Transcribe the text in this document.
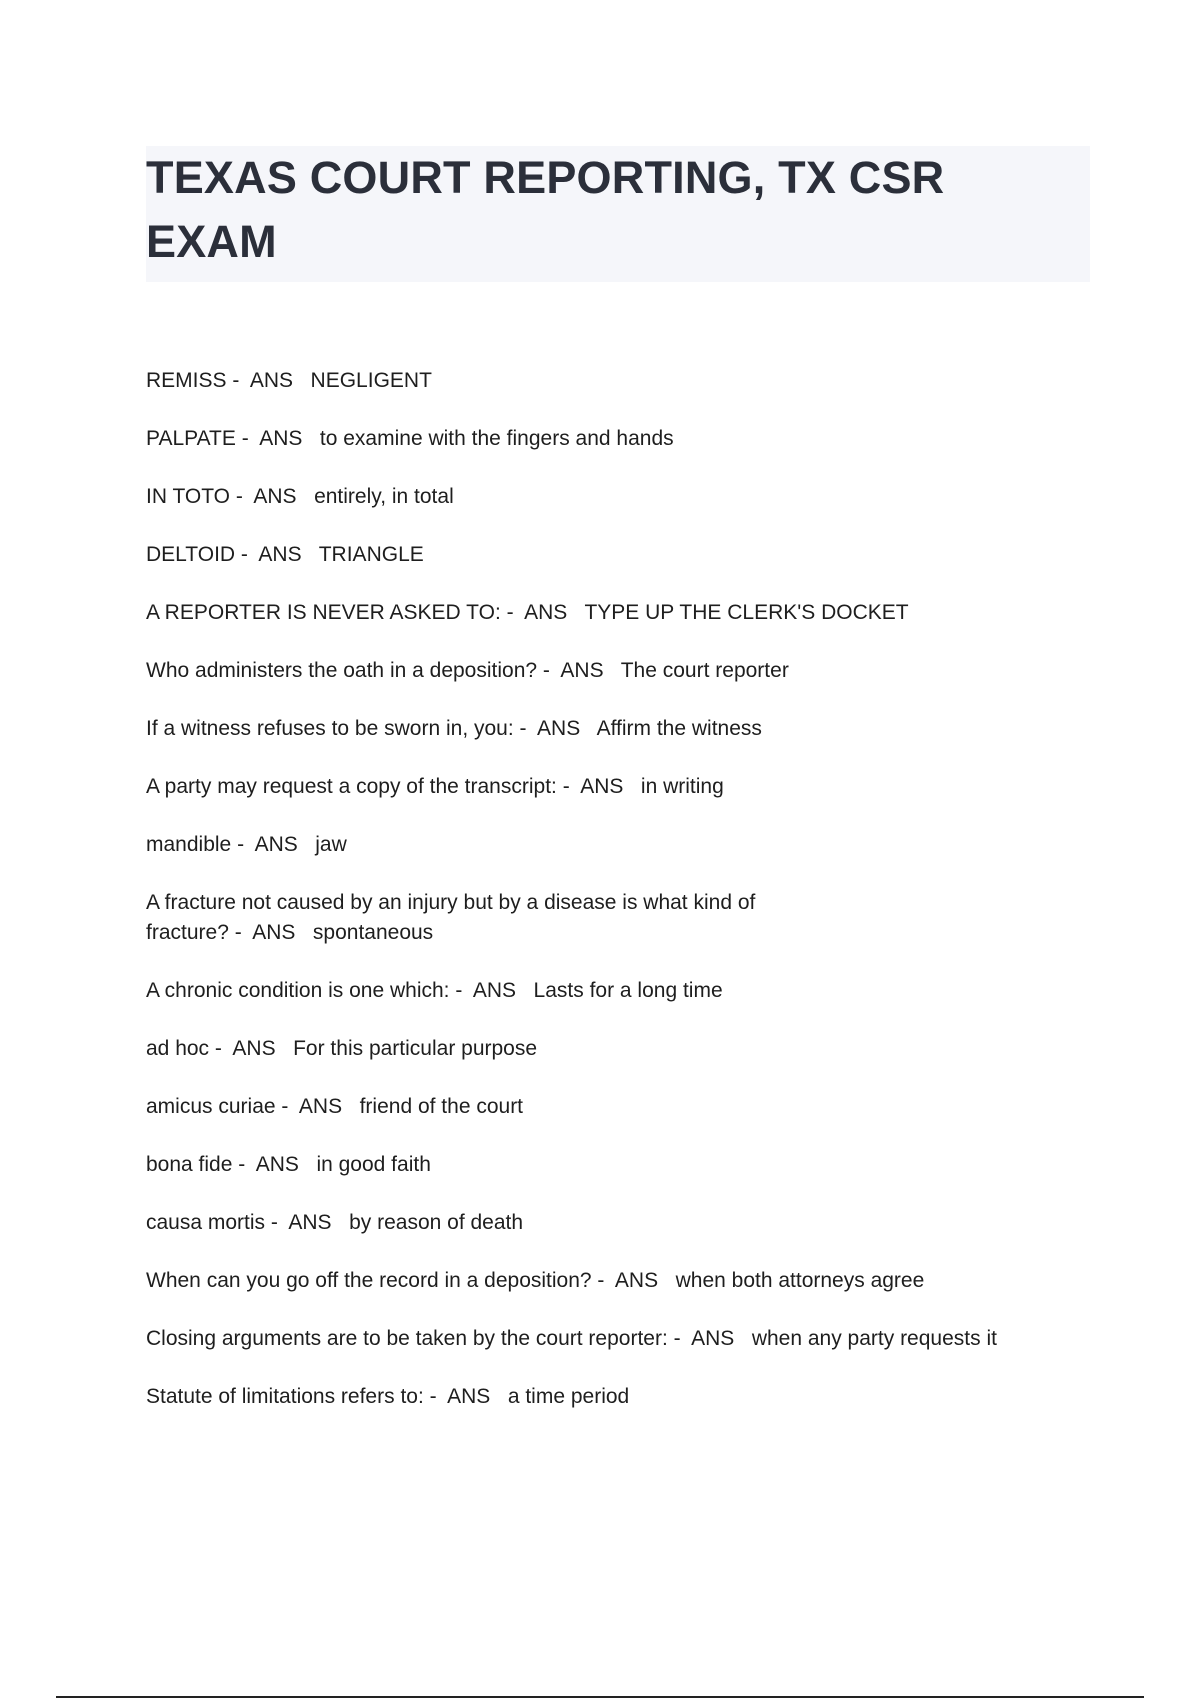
TEXAS COURT REPORTING, TX CSR EXAM
REMISS -  ANS   NEGLIGENT
PALPATE -  ANS   to examine with the fingers and hands
IN TOTO -  ANS   entirely, in total
DELTOID -  ANS   TRIANGLE
A REPORTER IS NEVER ASKED TO: -  ANS   TYPE UP THE CLERK'S DOCKET
Who administers the oath in a deposition? -  ANS   The court reporter
If a witness refuses to be sworn in, you: -  ANS   Affirm the witness
A party may request a copy of the transcript: -  ANS   in writing
mandible -  ANS   jaw
A fracture not caused by an injury but by a disease is what kind of fracture? -  ANS   spontaneous
A chronic condition is one which: -  ANS   Lasts for a long time
ad hoc -  ANS   For this particular purpose
amicus curiae -  ANS   friend of the court
bona fide -  ANS   in good faith
causa mortis -  ANS   by reason of death
When can you go off the record in a deposition? -  ANS   when both attorneys agree
Closing arguments are to be taken by the court reporter: -  ANS   when any party requests it
Statute of limitations refers to: -  ANS   a time period
